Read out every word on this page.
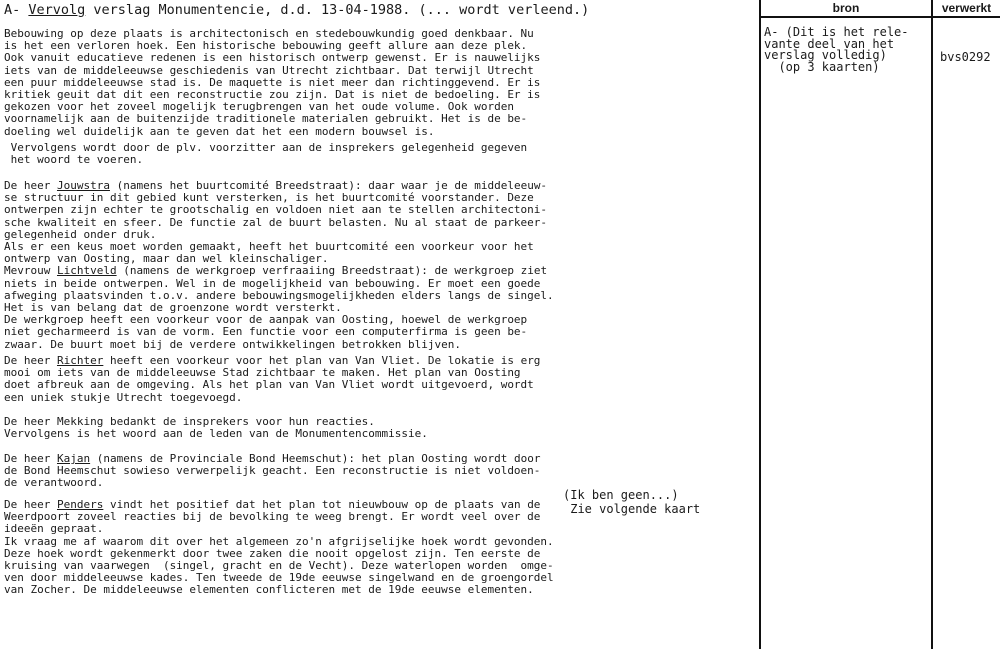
bron	verwerkt
A- Vervolg verslag Monumentencie, d.d. 13-04-1988. (... wordt verleend.)
Bebouwing op deze plaats is architectonisch en stedebouwkundig goed denkbaar. Nu
is het een verloren hoek. Een historische bebouwing geeft allure aan deze plek.
Ook vanuit educatieve redenen is een historisch ontwerp gewenst. Er is nauwelijks
iets van de middeleeuwse geschiedenis van Utrecht zichtbaar. Dat terwijl Utrecht
een puur middeleeuwse stad is. De maquette is niet meer dan richtinggevend. Er is
kritiek geuit dat dit een reconstructie zou zijn. Dat is niet de bedoeling. Er is
gekozen voor het zoveel mogelijk terugbrengen van het oude volume. Ook worden
voornamelijk aan de buitenzijde traditionele materialen gebruikt. Het is de be-
doeling wel duidelijk aan te geven dat het een modern bouwsel is.
Vervolgens wordt door de plv. voorzitter aan de insprekers gelegenheid gegeven
het woord te voeren.
De heer Jouwstra (namens het buurtcomité Breedstraat): daar waar je de middeleeuw-
se structuur in dit gebied kunt versterken, is het buurtcomité voorstander. Deze
ontwerpen zijn echter te grootschalig en voldoen niet aan te stellen architectoni-
sche kwaliteit en sfeer. De functie zal de buurt belasten. Nu al staat de parkeer-
gelegenheid onder druk.
Als er een keus moet worden gemaakt, heeft het buurtcomité een voorkeur voor het
ontwerp van Oosting, maar dan wel kleinschaliger.
Mevrouw Lichtveld (namens de werkgroep verfraaiing Breedstraat): de werkgroep ziet
niets in beide ontwerpen. Wel in de mogelijkheid van bebouwing. Er moet een goede
afweging plaatsvinden t.o.v. andere bebouwingsmogelijkheden elders langs de singel.
Het is van belang dat de groenzone wordt versterkt.
De werkgroep heeft een voorkeur voor de aanpak van Oosting, hoewel de werkgroep
niet gecharmeerd is van de vorm. Een functie voor een computerfirma is geen be-
zwaar. De buurt moet bij de verdere ontwikkelingen betrokken blijven.
De heer Richter heeft een voorkeur voor het plan van Van Vliet. De lokatie is erg
mooi om iets van de middeleeuwse Stad zichtbaar te maken. Het plan van Oosting
doet afbreuk aan de omgeving. Als het plan van Van Vliet wordt uitgevoerd, wordt
een uniek stukje Utrecht toegevoegd.
De heer Mekking bedankt de insprekers voor hun reacties.
Vervolgens is het woord aan de leden van de Monumentencommissie.
De heer Kajan (namens de Provinciale Bond Heemschut): het plan Oosting wordt door
de Bond Heemschut sowieso verwerpelijk geacht. Een reconstructie is niet voldoen-
de verantwoord.
De heer Penders vindt het positief dat het plan tot nieuwbouw op de plaats van de
Weerdpoort zoveel reacties bij de bevolking te weeg brengt. Er wordt veel over de
ideeën gepraat.
Ik vraag me af waarom dit over het algemeen zo'n afgrijselijke hoek wordt gevonden.
Deze hoek wordt gekenmerkt door twee zaken die nooit opgelost zijn. Ten eerste de
kruising van vaarwegen  (singel, gracht en de Vecht). Deze waterlopen worden  omge-
ven door middeleeuwse kades. Ten tweede de 19de eeuwse singelwand en de groengordel
van Zocher. De middeleeuwse elementen conflicteren met de 19de eeuwse elementen.
(Ik ben geen...)
Zie volgende kaart
A- (Dit is het rele-
vante deel van het
verslag volledig)
(op 3 kaarten)
bvs0292
